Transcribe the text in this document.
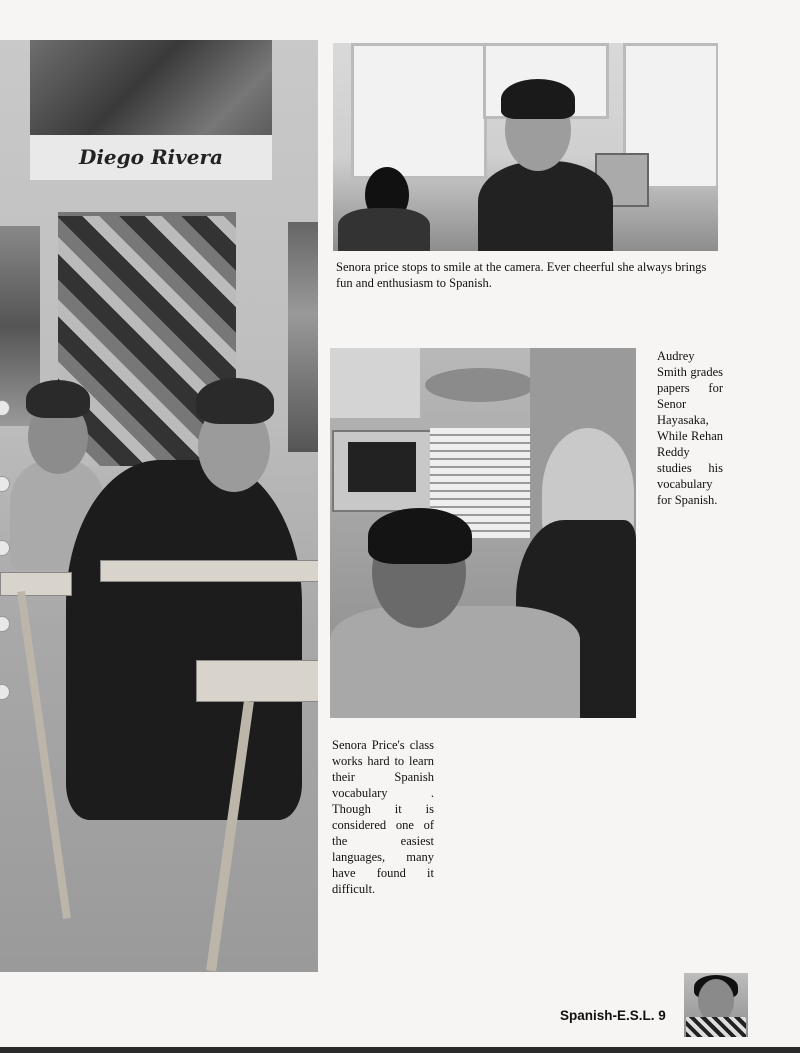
Diego Rivera
Senora price stops to smile at the camera. Ever cheerful she always brings fun and enthusiasm to Spanish.
Audrey Smith grades papers for Senor Hayasaka, While Rehan Reddy studies his vocabulary for Spanish.
Senora Price's class works hard to learn their Spanish vocabulary . Though it is considered one of the easiest languages, many have found it difficult.
Spanish-E.S.L. 9
